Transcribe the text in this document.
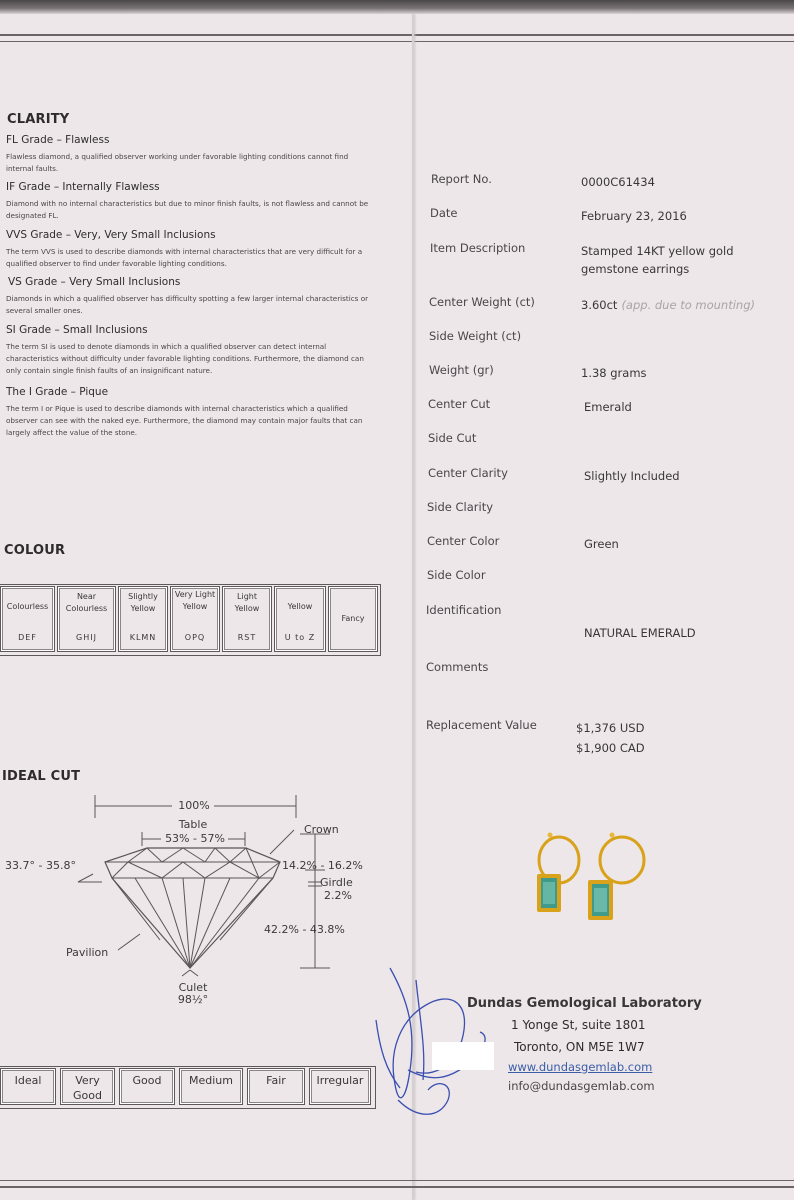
CLARITY
FL Grade – Flawless
Flawless diamond, a qualified observer working under favorable lighting conditions cannot find internal faults.
IF Grade – Internally Flawless
Diamond with no internal characteristics but due to minor finish faults, is not flawless and cannot be designated FL.
VVS Grade – Very, Very Small Inclusions
The term VVS is used to describe diamonds with internal characteristics that are very difficult for a qualified observer to find under favorable lighting conditions.
VS Grade – Very Small Inclusions
Diamonds in which a qualified observer has difficulty spotting a few larger internal characteristics or several smaller ones.
SI Grade – Small Inclusions
The term SI is used to denote diamonds in which a qualified observer can detect internal characteristics without difficulty under favorable lighting conditions. Furthermore, the diamond can only contain single finish faults of an insignificant nature.
The I Grade – Pique
The term I or Pique is used to describe diamonds with internal characteristics which a qualified observer can see with the naked eye. Furthermore, the diamond may contain major faults that can largely affect the value of the stone.
COLOUR
Colourless
DEF
Near Colourless
GHIJ
Slightly Yellow
KLMN
Very Light Yellow
OPQ
Light Yellow
RST
Yellow
U to Z
Fancy
IDEAL CUT
100%
Table
53% - 57%
Crown
33.7° - 35.8°	14.2% - 16.2%
Girdle
2.2%
42.2% - 43.8%
Pavilion
Culet
98½°
Ideal	Very Good
Good	Medium	Fair	Irregular
Report No.	0000C61434
Date	February 23, 2016
Item Description	Stamped 14KT yellow gold gemstone earrings
Center Weight (ct)	3.60ct (app. due to mounting)
Side Weight (ct)
Weight (gr)	1.38 grams
Center Cut	Emerald
Side Cut
Center Clarity	Slightly Included
Side Clarity
Center Color	Green
Side Color
Identification
NATURAL EMERALD
Comments
Replacement Value	$1,376 USD
$1,900 CAD
Dundas Gemological Laboratory
1 Yonge St, suite 1801
Toronto, ON M5E 1W7
www.dundasgemlab.com
info@dundasgemlab.com
